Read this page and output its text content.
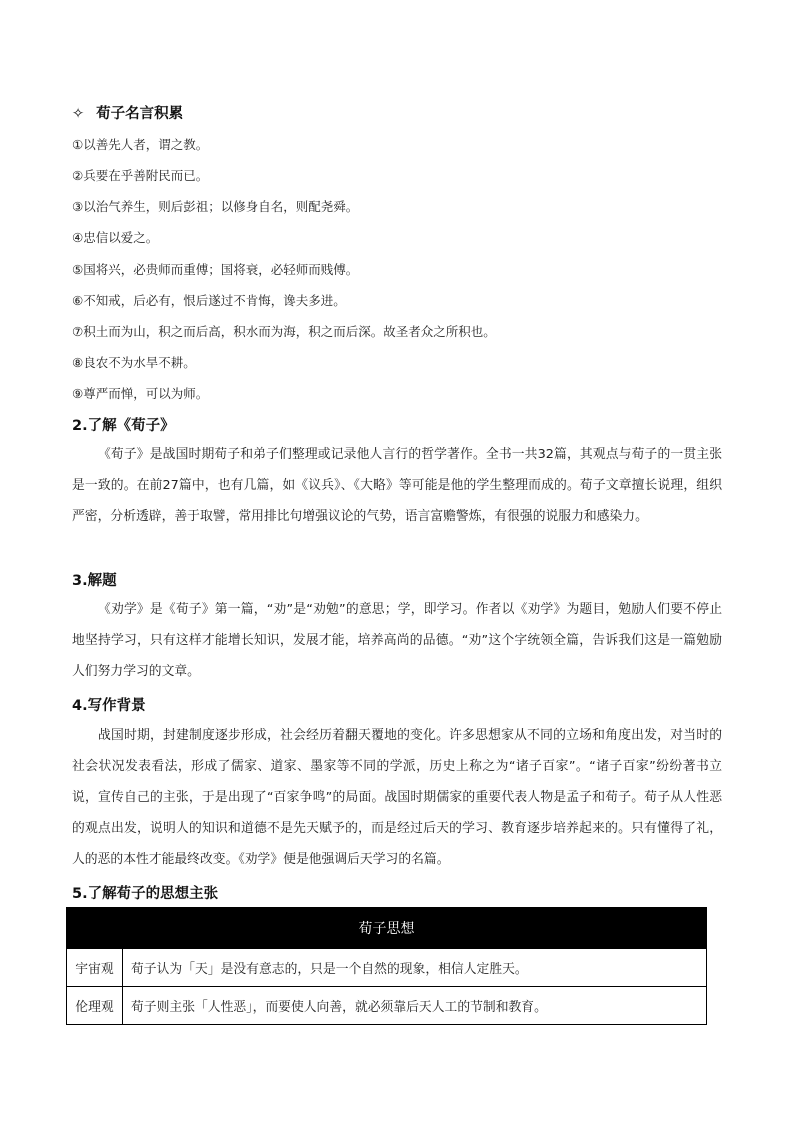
✧ 荀子名言积累
①以善先人者，谓之教。
②兵要在乎善附民而已。
③以治气养生，则后彭祖；以修身自名，则配尧舜。
④忠信以爱之。
⑤国将兴，必贵师而重傅；国将衰，必轻师而贱傅。
⑥不知戒，后必有，恨后遂过不肯悔，谗夫多进。
⑦积土而为山，积之而后高，积水而为海，积之而后深。故圣者众之所积也。
⑧良农不为水旱不耕。
⑨尊严而惮，可以为师。
2.了解《荀子》
《荀子》是战国时期荀子和弟子们整理或记录他人言行的哲学著作。全书一共32篇，其观点与荀子的一贯主张是一致的。在前27篇中，也有几篇，如《议兵》、《大略》等可能是他的学生整理而成的。荀子文章擅长说理，组织严密，分析透辟，善于取譬，常用排比句增强议论的气势，语言富赡警炼，有很强的说服力和感染力。
3.解题
《劝学》是《荀子》第一篇，“劝”是“劝勉”的意思；学，即学习。作者以《劝学》为题目，勉励人们要不停止地坚持学习，只有这样才能增长知识，发展才能，培养高尚的品德。“劝”这个字统领全篇，告诉我们这是一篇勉励人们努力学习的文章。
4.写作背景
战国时期，封建制度逐步形成，社会经历着翻天覆地的变化。许多思想家从不同的立场和角度出发，对当时的社会状况发表看法，形成了儒家、道家、墨家等不同的学派，历史上称之为“诸子百家”。“诸子百家”纷纷著书立说，宣传自己的主张，于是出现了“百家争鸣”的局面。战国时期儒家的重要代表人物是孟子和荀子。荀子从人性恶的观点出发，说明人的知识和道德不是先天赋予的，而是经过后天的学习、教育逐步培养起来的。只有懂得了礼，人的恶的本性才能最终改变。《劝学》便是他强调后天学习的名篇。
5.了解荀子的思想主张
荀子思想	
宇宙观	荀子认为「天」是没有意志的，只是一个自然的现象，相信人定胜天。
伦理观	荀子则主张「人性恶」，而要使人向善，就必须靠后天人工的节制和教育。
